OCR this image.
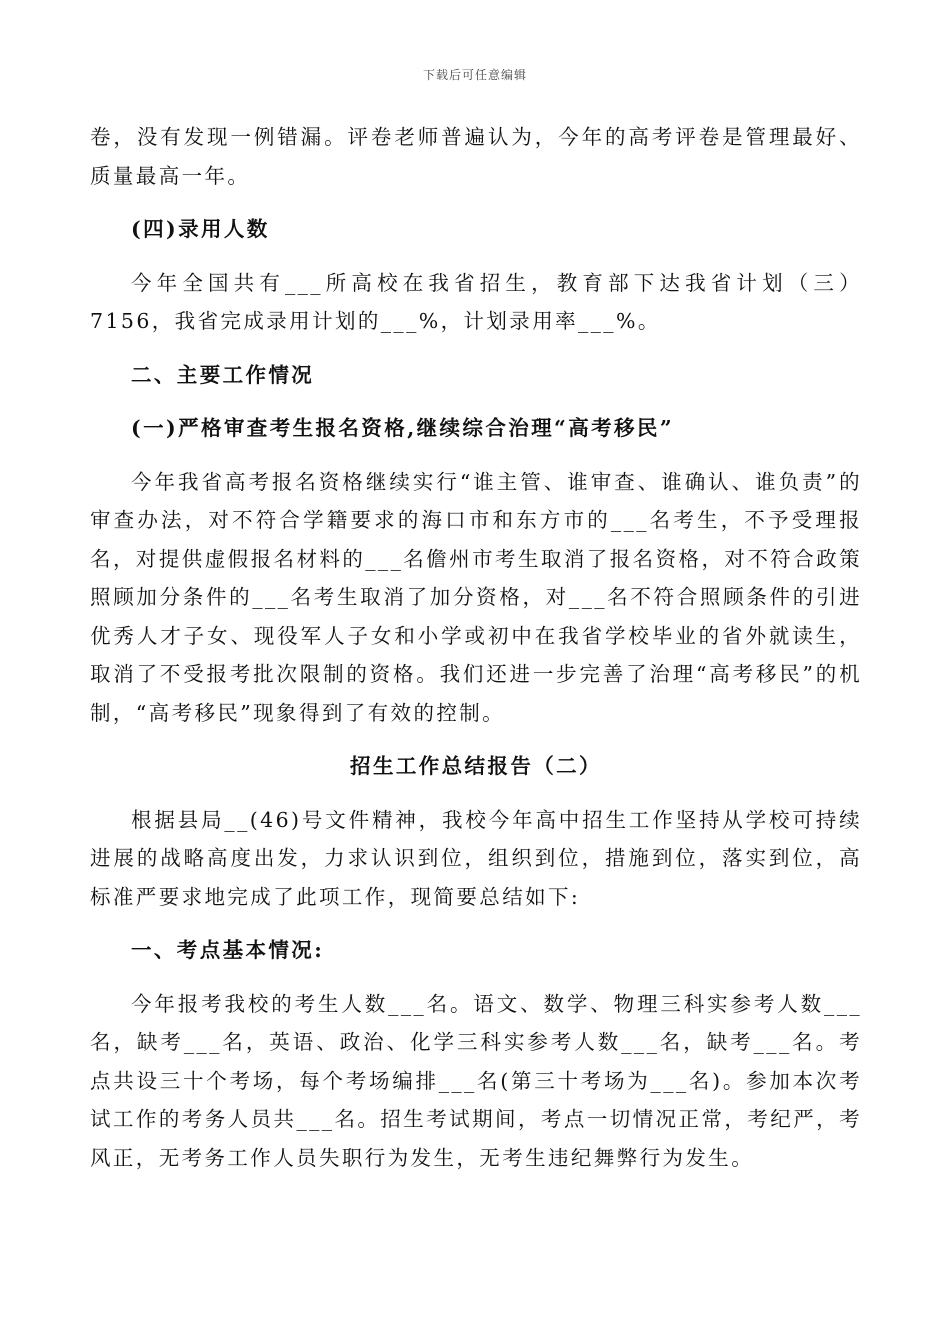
下载后可任意编辑

卷，没有发现一例错漏。评卷老师普遍认为，今年的高考评卷是管理最好、质量最高一年。

(四)录用人数

今年全国共有___所高校在我省招生，教育部下达我省计划（三）7156，我省完成录用计划的___%，计划录用率___%。

二、主要工作情况

(一)严格审查考生报名资格,继续综合治理“高考移民”

今年我省高考报名资格继续实行“谁主管、谁审查、谁确认、谁负责”的审查办法，对不符合学籍要求的海口市和东方市的___名考生，不予受理报名，对提供虚假报名材料的___名儋州市考生取消了报名资格，对不符合政策照顾加分条件的___名考生取消了加分资格，对___名不符合照顾条件的引进优秀人才子女、现役军人子女和小学或初中在我省学校毕业的省外就读生，取消了不受报考批次限制的资格。我们还进一步完善了治理“高考移民”的机制，“高考移民”现象得到了有效的控制。

招生工作总结报告（二）

根据县局__(46)号文件精神，我校今年高中招生工作坚持从学校可持续进展的战略高度出发，力求认识到位，组织到位，措施到位，落实到位，高标准严要求地完成了此项工作，现简要总结如下:

一、考点基本情况:

今年报考我校的考生人数___名。语文、数学、物理三科实参考人数___名，缺考___名，英语、政治、化学三科实参考人数___名，缺考___名。考点共设三十个考场，每个考场编排___名(第三十考场为___名)。参加本次考试工作的考务人员共___名。招生考试期间，考点一切情况正常，考纪严，考风正，无考务工作人员失职行为发生，无考生违纪舞弊行为发生。
